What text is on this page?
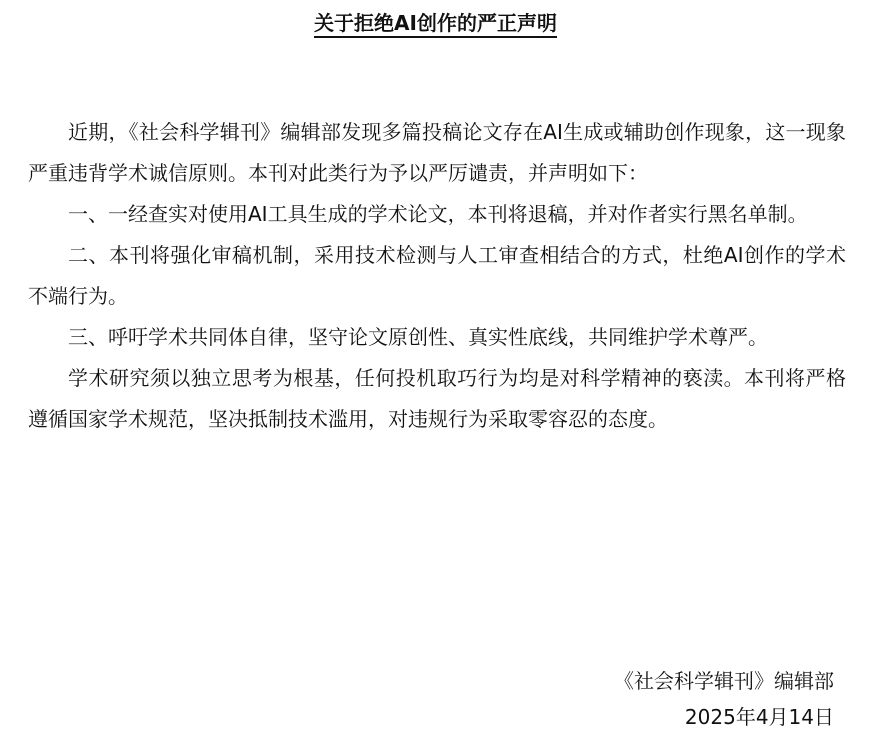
关于拒绝AI创作的严正声明

近期，《社会科学辑刊》编辑部发现多篇投稿论文存在AI生成或辅助创作现象，这一现象严重违背学术诚信原则。本刊对此类行为予以严厉谴责，并声明如下：

一、一经查实对使用AI工具生成的学术论文，本刊将退稿，并对作者实行黑名单制。

二、本刊将强化审稿机制，采用技术检测与人工审查相结合的方式，杜绝AI创作的学术不端行为。

三、呼吁学术共同体自律，坚守论文原创性、真实性底线，共同维护学术尊严。

学术研究须以独立思考为根基，任何投机取巧行为均是对科学精神的亵渎。本刊将严格遵循国家学术规范，坚决抵制技术滥用，对违规行为采取零容忍的态度。

《社会科学辑刊》编辑部
2025年4月14日
